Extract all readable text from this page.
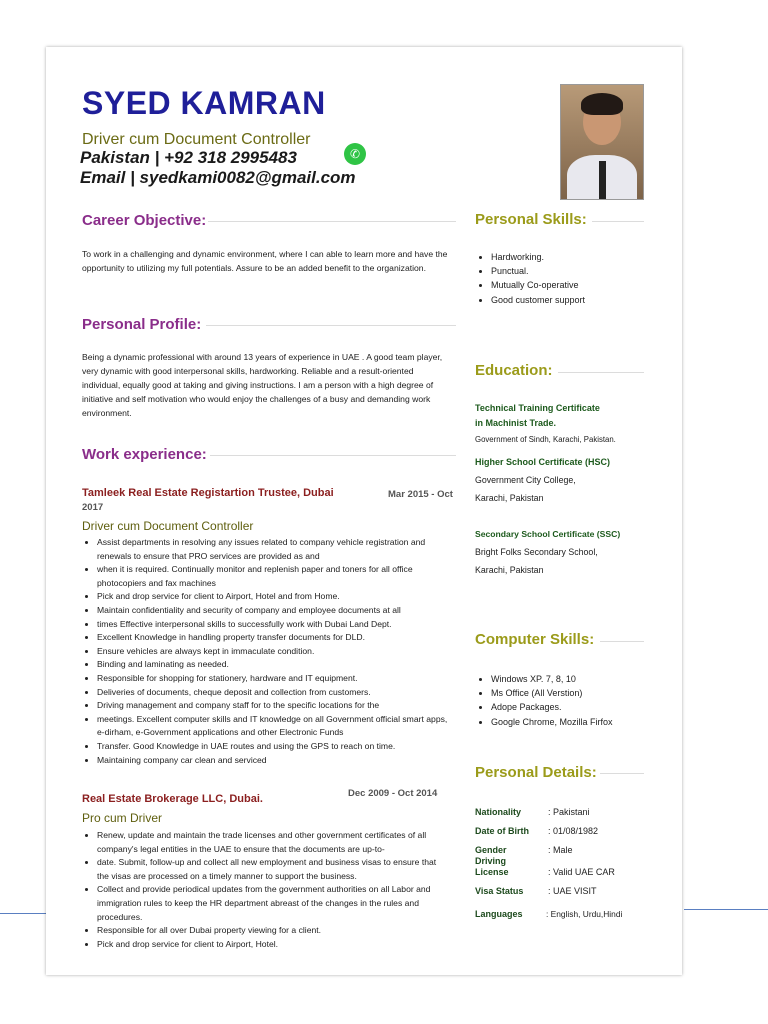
SYED KAMRAN
Driver cum Document Controller
Pakistan | +92 318 2995483	✆
Email | syedkami0082@gmail.com
Career Objective:
To work in a challenging and dynamic environment, where I can able to learn more and have the opportunity to utilizing my full potentials. Assure to be an added benefit to the organization.
Personal Profile:
Being a dynamic professional with around 13 years of experience in UAE . A good team player, very dynamic with good interpersonal skills, hardworking. Reliable and a result-oriented individual, equally good at taking and giving instructions. I am a person with a high degree of initiative and self motivation who would enjoy the challenges of a busy and demanding work environment.
Work experience:
Tamleek Real Estate Registartion Trustee, Dubai	Mar 2015 - Oct
2017
Driver cum Document Controller
• Assist departments in resolving any issues related to company vehicle registration and renewals to ensure that PRO services are provided as and
• when it is required. Continually monitor and replenish paper and toners for all office photocopiers and fax machines
• Pick and drop service for client to Airport, Hotel and from Home.
• Maintain confidentiality and security of company and employee documents at all
• times Effective interpersonal skills to successfully work with Dubai Land Dept.
• Excellent Knowledge in handling property transfer documents for DLD.
• Ensure vehicles are always kept in immaculate condition.
• Binding and laminating as needed.
• Responsible for shopping for stationery, hardware and IT equipment.
• Deliveries of documents, cheque deposit and collection from customers.
• Driving management and company staff for to the specific locations for the
• meetings. Excellent computer skills and IT knowledge on all Government official smart apps, e-dirham, e-Government applications and other Electronic Funds
• Transfer. Good Knowledge in UAE routes and using the GPS to reach on time.
• Maintaining company car clean and serviced
Real Estate Brokerage LLC, Dubai.	Dec 2009 - Oct 2014
Pro cum Driver
• Renew, update and maintain the trade licenses and other government certificates of all company's legal entities in the UAE to ensure that the documents are up-to-
• date. Submit, follow-up and collect all new employment and business visas to ensure that the visas are processed on a timely manner to support the business.
• Collect and provide periodical updates from the government authorities on all Labor and immigration rules to keep the HR department abreast of the changes in the rules and procedures.
• Responsible for all over Dubai property viewing for a client.
• Pick and drop service for client to Airport, Hotel.
Personal Skills:
• Hardworking.
• Punctual.
• Mutually Co-operative
• Good customer support
Education:
Technical Training Certificate
in Machinist Trade.
Government of Sindh, Karachi, Pakistan.
Higher School Certificate (HSC)
Government City College,
Karachi, Pakistan
Secondary School Certificate (SSC)
Bright Folks Secondary School,
Karachi, Pakistan
Computer Skills:
• Windows XP. 7, 8, 10
• Ms Office (All Verstion)
• Adope Packages.
• Google Chrome, Mozilla Firfox
Personal Details:
Nationality	: Pakistani
Date of Birth : 01/08/1982
Gender	: Male
Driving
License	: Valid UAE CAR
Visa Status	: UAE VISIT
Languages	: English, Urdu,Hindi
